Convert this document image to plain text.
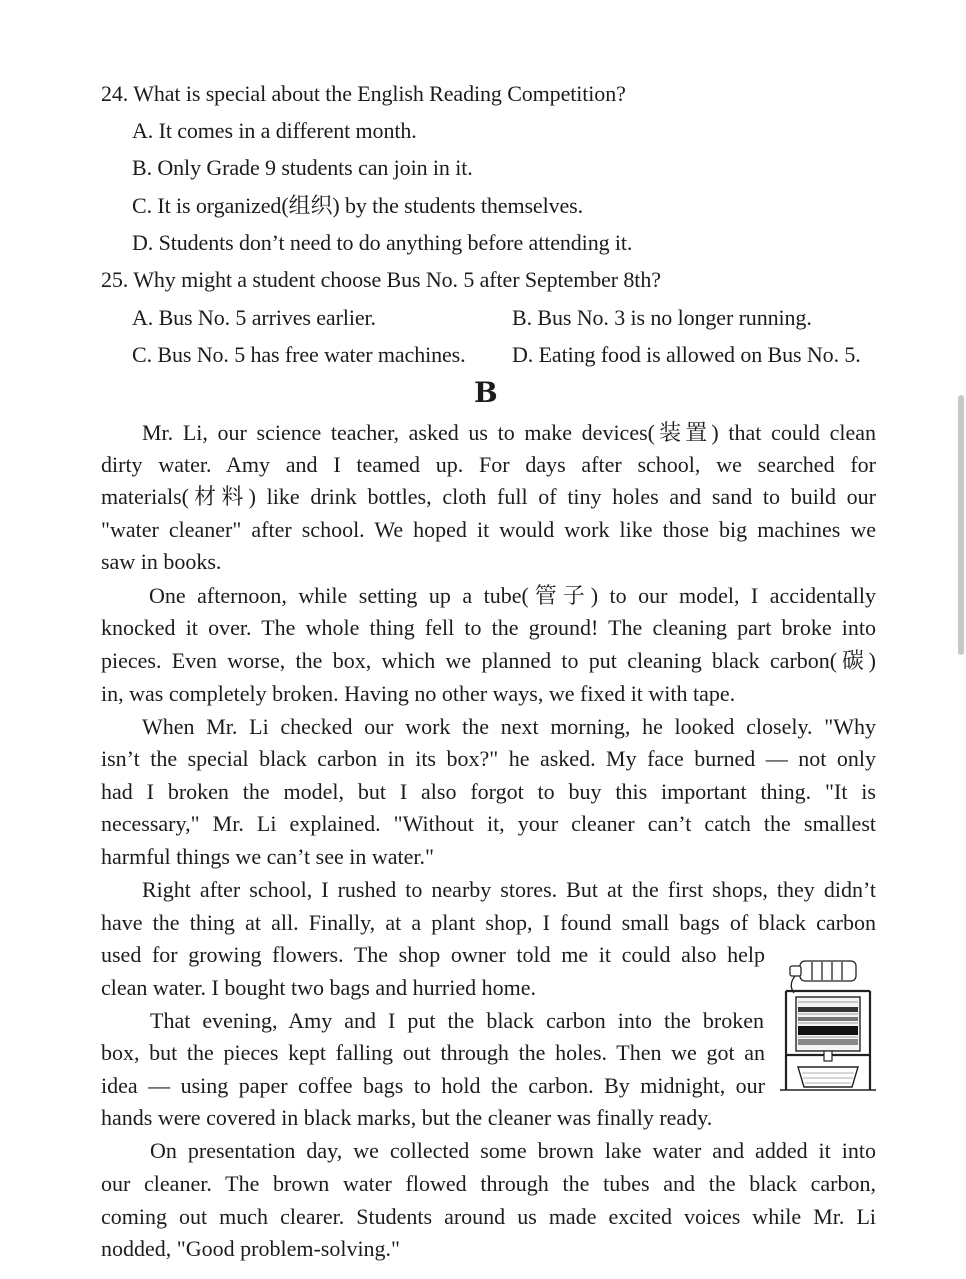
24. What is special about the English Reading Competition?
A. It comes in a different month.
B. Only Grade 9 students can join in it.
C. It is organized(组织) by the students themselves.
D. Students don’t need to do anything before attending it.
25. Why might a student choose Bus No. 5 after September 8th?
A. Bus No. 5 arrives earlier.	B. Bus No. 3 is no longer running.
C. Bus No. 5 has free water machines. D. Eating food is allowed on Bus No. 5.
B
Mr. Li, our science teacher, asked us to make devices(装置) that could clean
dirty water. Amy and I teamed up. For days after school, we searched for
materials(材料) like drink bottles, cloth full of tiny holes and sand to build our
"water cleaner" after school. We hoped it would work like those big machines we
saw in books.
One afternoon, while setting up a tube(管子) to our model, I accidentally
knocked it over. The whole thing fell to the ground! The cleaning part broke into
pieces. Even worse, the box, which we planned to put cleaning black carbon(碳)
in, was completely broken. Having no other ways, we fixed it with tape.
When Mr. Li checked our work the next morning, he looked closely. "Why
isn’t the special black carbon in its box?" he asked. My face burned — not only
had I broken the model, but I also forgot to buy this important thing. "It is
necessary," Mr. Li explained. "Without it, your cleaner can’t catch the smallest
harmful things we can’t see in water."
Right after school, I rushed to nearby stores. But at the first shops, they didn’t
have the thing at all. Finally, at a plant shop, I found small bags of black carbon
used for growing flowers. The shop owner told me it could also help
clean water. I bought two bags and hurried home.
That evening, Amy and I put the black carbon into the broken
box, but the pieces kept falling out through the holes. Then we got an
idea — using paper coffee bags to hold the carbon. By midnight, our
hands were covered in black marks, but the cleaner was finally ready.
On presentation day, we collected some brown lake water and added it into
our cleaner. The brown water flowed through the tubes and the black carbon,
coming out much clearer. Students around us made excited voices while Mr. Li
nodded, "Good problem-solving."
